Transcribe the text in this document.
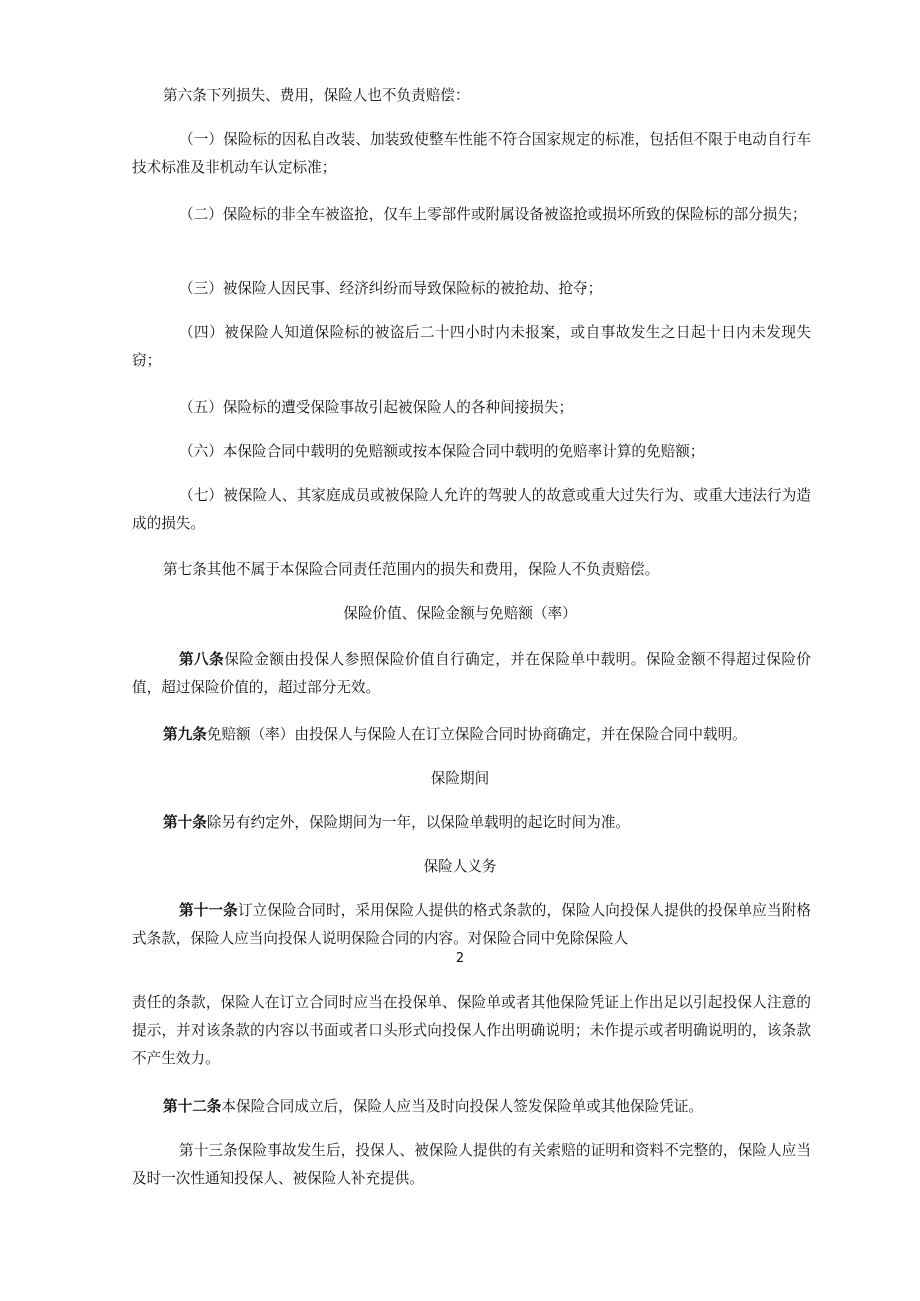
第六条下列损失、费用，保险人也不负责赔偿：

（一）保险标的因私自改装、加装致使整车性能不符合国家规定的标准，包括但不限于电动自行车技术标准及非机动车认定标准；

（二）保险标的非全车被盗抢，仅车上零部件或附属设备被盗抢或损坏所致的保险标的部分损失；

（三）被保险人因民事、经济纠纷而导致保险标的被抢劫、抢夺；

（四）被保险人知道保险标的被盗后二十四小时内未报案，或自事故发生之日起十日内未发现失窃；

（五）保险标的遭受保险事故引起被保险人的各种间接损失；

（六）本保险合同中载明的免赔额或按本保险合同中载明的免赔率计算的免赔额；

（七）被保险人、其家庭成员或被保险人允许的驾驶人的故意或重大过失行为、或重大违法行为造成的损失。

第七条其他不属于本保险合同责任范围内的损失和费用，保险人不负责赔偿。

保险价值、保险金额与免赔额（率）

第八条保险金额由投保人参照保险价值自行确定，并在保险单中载明。保险金额不得超过保险价值，超过保险价值的，超过部分无效。

第九条免赔额（率）由投保人与保险人在订立保险合同时协商确定，并在保险合同中载明。

保险期间

第十条除另有约定外，保险期间为一年，以保险单载明的起讫时间为准。

保险人义务

第十一条订立保险合同时，采用保险人提供的格式条款的，保险人向投保人提供的投保单应当附格式条款，保险人应当向投保人说明保险合同的内容。对保险合同中免除保险人

2

责任的条款，保险人在订立合同时应当在投保单、保险单或者其他保险凭证上作出足以引起投保人注意的提示，并对该条款的内容以书面或者口头形式向投保人作出明确说明；未作提示或者明确说明的，该条款不产生效力。

第十二条本保险合同成立后，保险人应当及时向投保人签发保险单或其他保险凭证。

第十三条保险事故发生后，投保人、被保险人提供的有关索赔的证明和资料不完整的，保险人应当及时一次性通知投保人、被保险人补充提供。
